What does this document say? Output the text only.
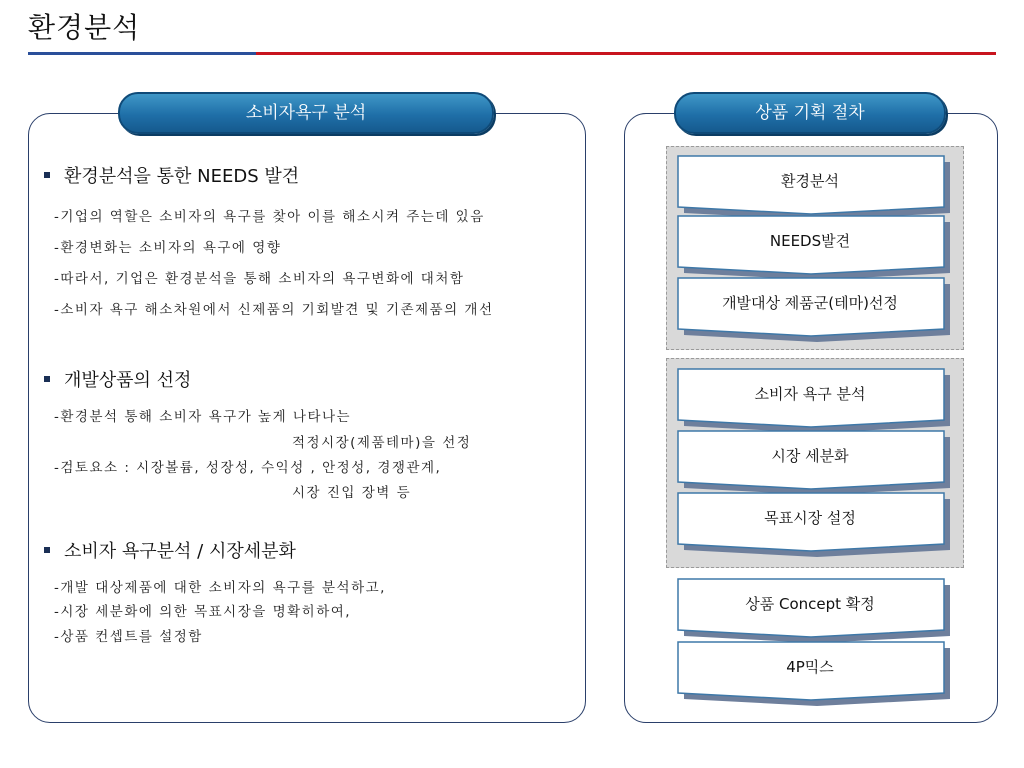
환경분석
소비자욕구 분석
환경분석을 통한 NEEDS 발견
-기업의 역할은 소비자의 욕구를 찾아 이를 해소시켜 주는데 있음
-환경변화는 소비자의 욕구에 영향
-따라서, 기업은 환경분석을 통해 소비자의 욕구변화에 대처함
-소비자 욕구 해소차원에서 신제품의 기회발견 및 기존제품의 개선
개발상품의 선정
-환경분석 통해 소비자 욕구가 높게 나타나는
적정시장(제품테마)을 선정
-검토요소 : 시장볼륨, 성장성, 수익성 , 안정성, 경쟁관계,
시장 진입 장벽 등
소비자 욕구분석 / 시장세분화
-개발 대상제품에 대한 소비자의 욕구를 분석하고,
-시장 세분화에 의한 목표시장을 명확히하여,
-상품 컨셉트를 설정함
상품 기획 절차
환경분석
NEEDS발견
개발대상 제품군(테마)선정
소비자 욕구 분석
시장 세분화
목표시장 설정
상품 Concept 확정
4P믹스
